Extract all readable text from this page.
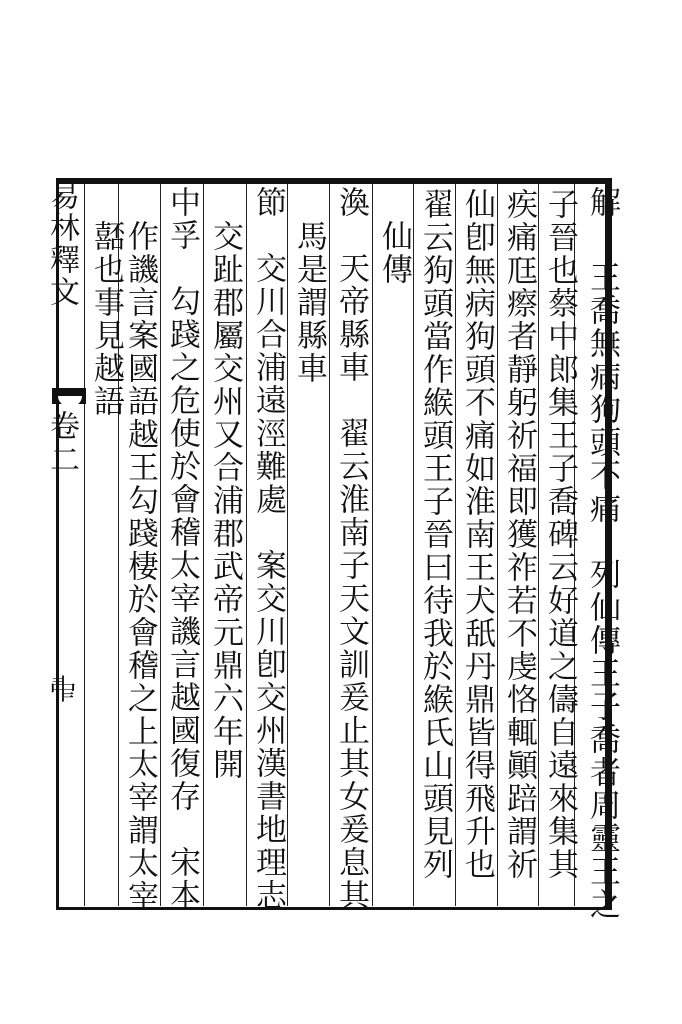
易林釋文
卷二
𠁩
解
　王喬無病狗頭不痛　列仙傳王子喬者周靈王之
子晉也蔡中郎集王子喬碑云好道之儔自遠來集其
疾痛尫瘵者靜躬祈福即獲祚若不虔恪輒顚踣謂祈
仙卽無病狗頭不痛如淮南王犬舐丹鼎皆得飛升也
翟云狗頭當作緱頭王子晉曰待我於緱氏山頭見列
仙傳
渙　天帝縣車　翟云淮南子天文訓爰止其女爰息其
馬是謂縣車
節　交川合浦遠涇難處　案交川卽交州漢書地理志
交趾郡屬交州又合浦郡武帝元鼎六年開
中孚　勾踐之危使於會稽太宰譏言越國復存　宋本
作譏言案國語越王勾踐棲於會稽之上太宰謂太宰
嚭也事見越語
